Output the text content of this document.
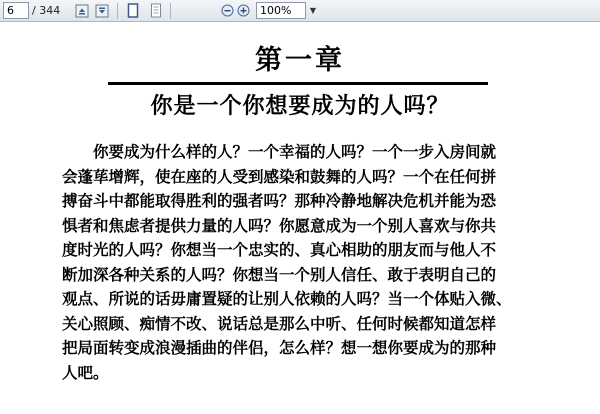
6	/ 344	100%	▼
第一章
你是一个你想要成为的人吗？
你要成为什么样的人？一个幸福的人吗？一个一步入房间就
会蓬荜增辉，使在座的人受到感染和鼓舞的人吗？一个在任何拼
搏奋斗中都能取得胜利的强者吗？那种冷静地解决危机并能为恐
惧者和焦虑者提供力量的人吗？你愿意成为一个别人喜欢与你共
度时光的人吗？你想当一个忠实的、真心相助的朋友而与他人不
断加深各种关系的人吗？你想当一个别人信任、敢于表明自己的
观点、所说的话毋庸置疑的让别人依赖的人吗？当一个体贴入微、
关心照顾、痴情不改、说话总是那么中听、任何时候都知道怎样
把局面转变成浪漫插曲的伴侣，怎么样？想一想你要成为的那种
人吧。
